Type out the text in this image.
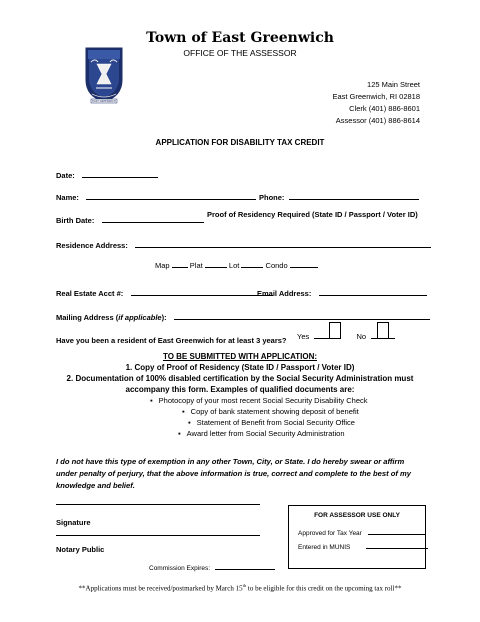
Town of East Greenwich
OFFICE OF THE ASSESSOR
EAST GREENWICH
125 Main Street
East Greenwich, RI 02818
Clerk (401) 886-8601
Assessor (401) 886-8614
APPLICATION FOR DISABILITY TAX CREDIT
Date:
Name:	Phone:
Birth Date:
Proof of Residency Required (State ID / Passport / Voter ID)
Residence Address:
Map	Plat	Lot	Condo
Real Estate Acct #:	Email Address:
Mailing Address (if applicable):
Have you been a resident of East Greenwich for at least 3 years? Yes	No
TO BE SUBMITTED WITH APPLICATION:
1. Copy of Proof of Residency (State ID / Passport / Voter ID)
2. Documentation of 100% disabled certification by the Social Security Administration must
accompany this form. Examples of qualified documents are:
▪ Photocopy of your most recent Social Security Disability Check
▪ Copy of bank statement showing deposit of benefit
▪ Statement of Benefit from Social Security Office
▪ Award letter from Social Security Administration
I do not have this type of exemption in any other Town, City, or State. I do hereby swear or affirm under penalty of perjury, that the above information is true, correct and complete to the best of my knowledge and belief.
Signature
Notary Public
Commission Expires:
FOR ASSESSOR USE ONLY
Approved for Tax Year
Entered in MUNIS
**Applications must be received/postmarked by March 15th to be eligible for this credit on the upcoming tax roll**
